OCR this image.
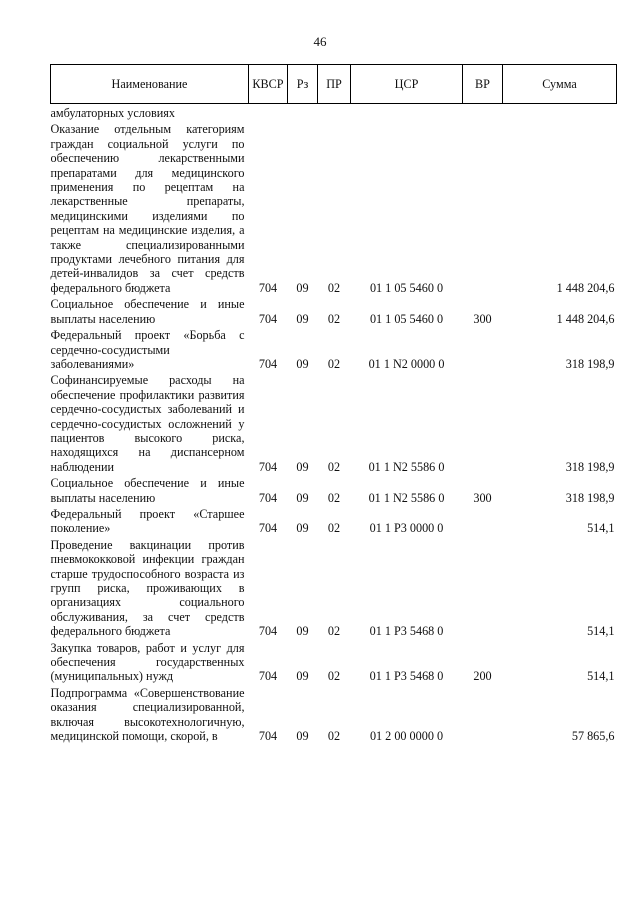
46
Наименование	КВСР	Рз	ПР	ЦСР	ВР	Сумма
амбулаторных условиях						
Оказание отдельным категориям граждан социальной услуги по обеспечению лекарственными препаратами для медицинского применения по рецептам на лекарственные препараты, медицинскими изделиями по рецептам на медицинские изделия, а также специализированными продуктами лечебного питания для детей-инвалидов за счет средств федерального бюджета	704	09	02	01 1 05 5460 0		1 448 204,6
Социальное обеспечение и иные выплаты населению	704	09	02	01 1 05 5460 0	300	1 448 204,6
Федеральный проект «Борьба с сердечно-сосудистыми заболеваниями»	704	09	02	01 1 N2 0000 0		318 198,9
Софинансируемые расходы на обеспечение профилактики развития сердечно-сосудистых заболеваний и сердечно-сосудистых осложнений у пациентов высокого риска, находящихся на диспансерном наблюдении	704	09	02	01 1 N2 5586 0		318 198,9
Социальное обеспечение и иные выплаты населению	704	09	02	01 1 N2 5586 0	300	318 198,9
Федеральный проект «Старшее поколение»	704	09	02	01 1 P3 0000 0		514,1
Проведение вакцинации против пневмококковой инфекции граждан старше трудоспособного возраста из групп риска, проживающих в организациях социального обслуживания, за счет средств федерального бюджета	704	09	02	01 1 P3 5468 0		514,1
Закупка товаров, работ и услуг для обеспечения государственных (муниципальных) нужд	704	09	02	01 1 P3 5468 0	200	514,1
Подпрограмма «Совершенствование оказания специализированной, включая высокотехнологичную, медицинской помощи, скорой, в	704	09	02	01 2 00 0000 0		57 865,6
